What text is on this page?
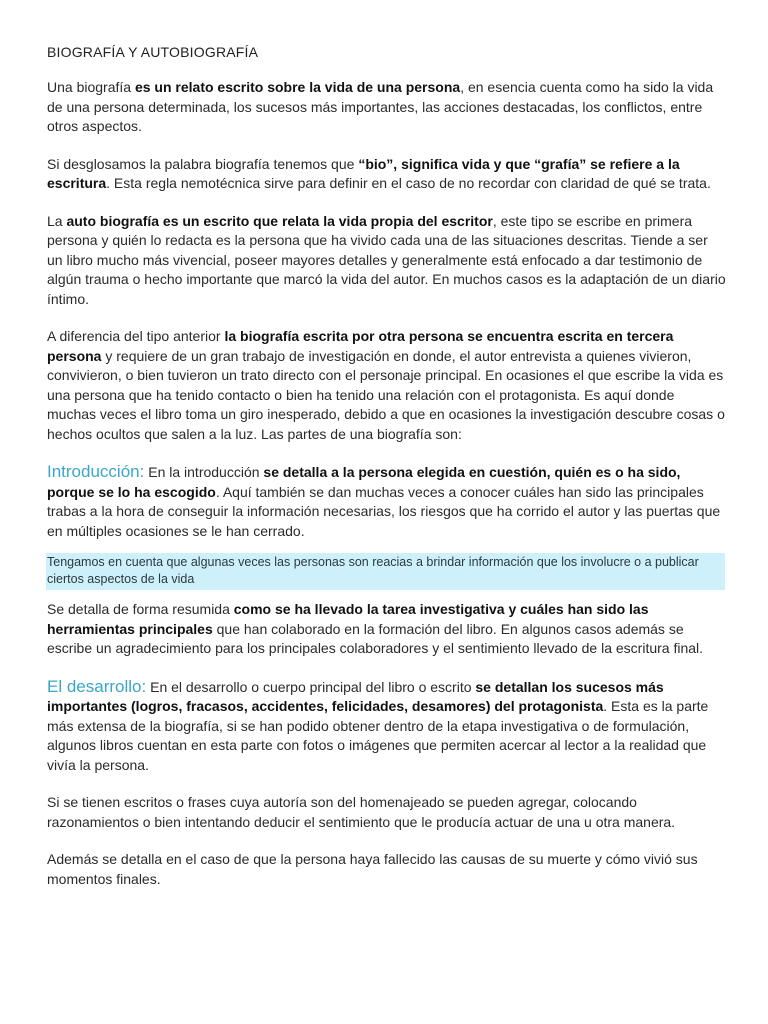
BIOGRAFÍA Y AUTOBIOGRAFÍA

Una biografía es un relato escrito sobre la vida de una persona, en esencia cuenta como ha sido la vida de una persona determinada, los sucesos más importantes, las acciones destacadas, los conflictos, entre otros aspectos.

Si desglosamos la palabra biografía tenemos que “bio”, significa vida y que “grafía” se refiere a la escritura. Esta regla nemotécnica sirve para definir en el caso de no recordar con claridad de qué se trata.

La auto biografía es un escrito que relata la vida propia del escritor, este tipo se escribe en primera persona y quién lo redacta es la persona que ha vivido cada una de las situaciones descritas. Tiende a ser un libro mucho más vivencial, poseer mayores detalles y generalmente está enfocado a dar testimonio de algún trauma o hecho importante que marcó la vida del autor. En muchos casos es la adaptación de un diario íntimo.

A diferencia del tipo anterior la biografía escrita por otra persona se encuentra escrita en tercera persona y requiere de un gran trabajo de investigación en donde, el autor entrevista a quienes vivieron, convivieron, o bien tuvieron un trato directo con el personaje principal. En ocasiones el que escribe la vida es una persona que ha tenido contacto o bien ha tenido una relación con el protagonista. Es aquí donde muchas veces el libro toma un giro inesperado, debido a que en ocasiones la investigación descubre cosas o hechos ocultos que salen a la luz. Las partes de una biografía son:

Introducción: En la introducción se detalla a la persona elegida en cuestión, quién es o ha sido, porque se lo ha escogido. Aquí también se dan muchas veces a conocer cuáles han sido las principales trabas a la hora de conseguir la información necesarias, los riesgos que ha corrido el autor y las puertas que en múltiples ocasiones se le han cerrado.

Tengamos en cuenta que algunas veces las personas son reacias a brindar información que los involucre o a publicar ciertos aspectos de la vida

Se detalla de forma resumida como se ha llevado la tarea investigativa y cuáles han sido las herramientas principales que han colaborado en la formación del libro. En algunos casos además se escribe un agradecimiento para los principales colaboradores y el sentimiento llevado de la escritura final.

El desarrollo: En el desarrollo o cuerpo principal del libro o escrito se detallan los sucesos más importantes (logros, fracasos, accidentes, felicidades, desamores) del protagonista. Esta es la parte más extensa de la biografía, si se han podido obtener dentro de la etapa investigativa o de formulación, algunos libros cuentan en esta parte con fotos o imágenes que permiten acercar al lector a la realidad que vivía la persona.

Si se tienen escritos o frases cuya autoría son del homenajeado se pueden agregar, colocando razonamientos o bien intentando deducir el sentimiento que le producía actuar de una u otra manera.

Además se detalla en el caso de que la persona haya fallecido las causas de su muerte y cómo vivió sus momentos finales.
